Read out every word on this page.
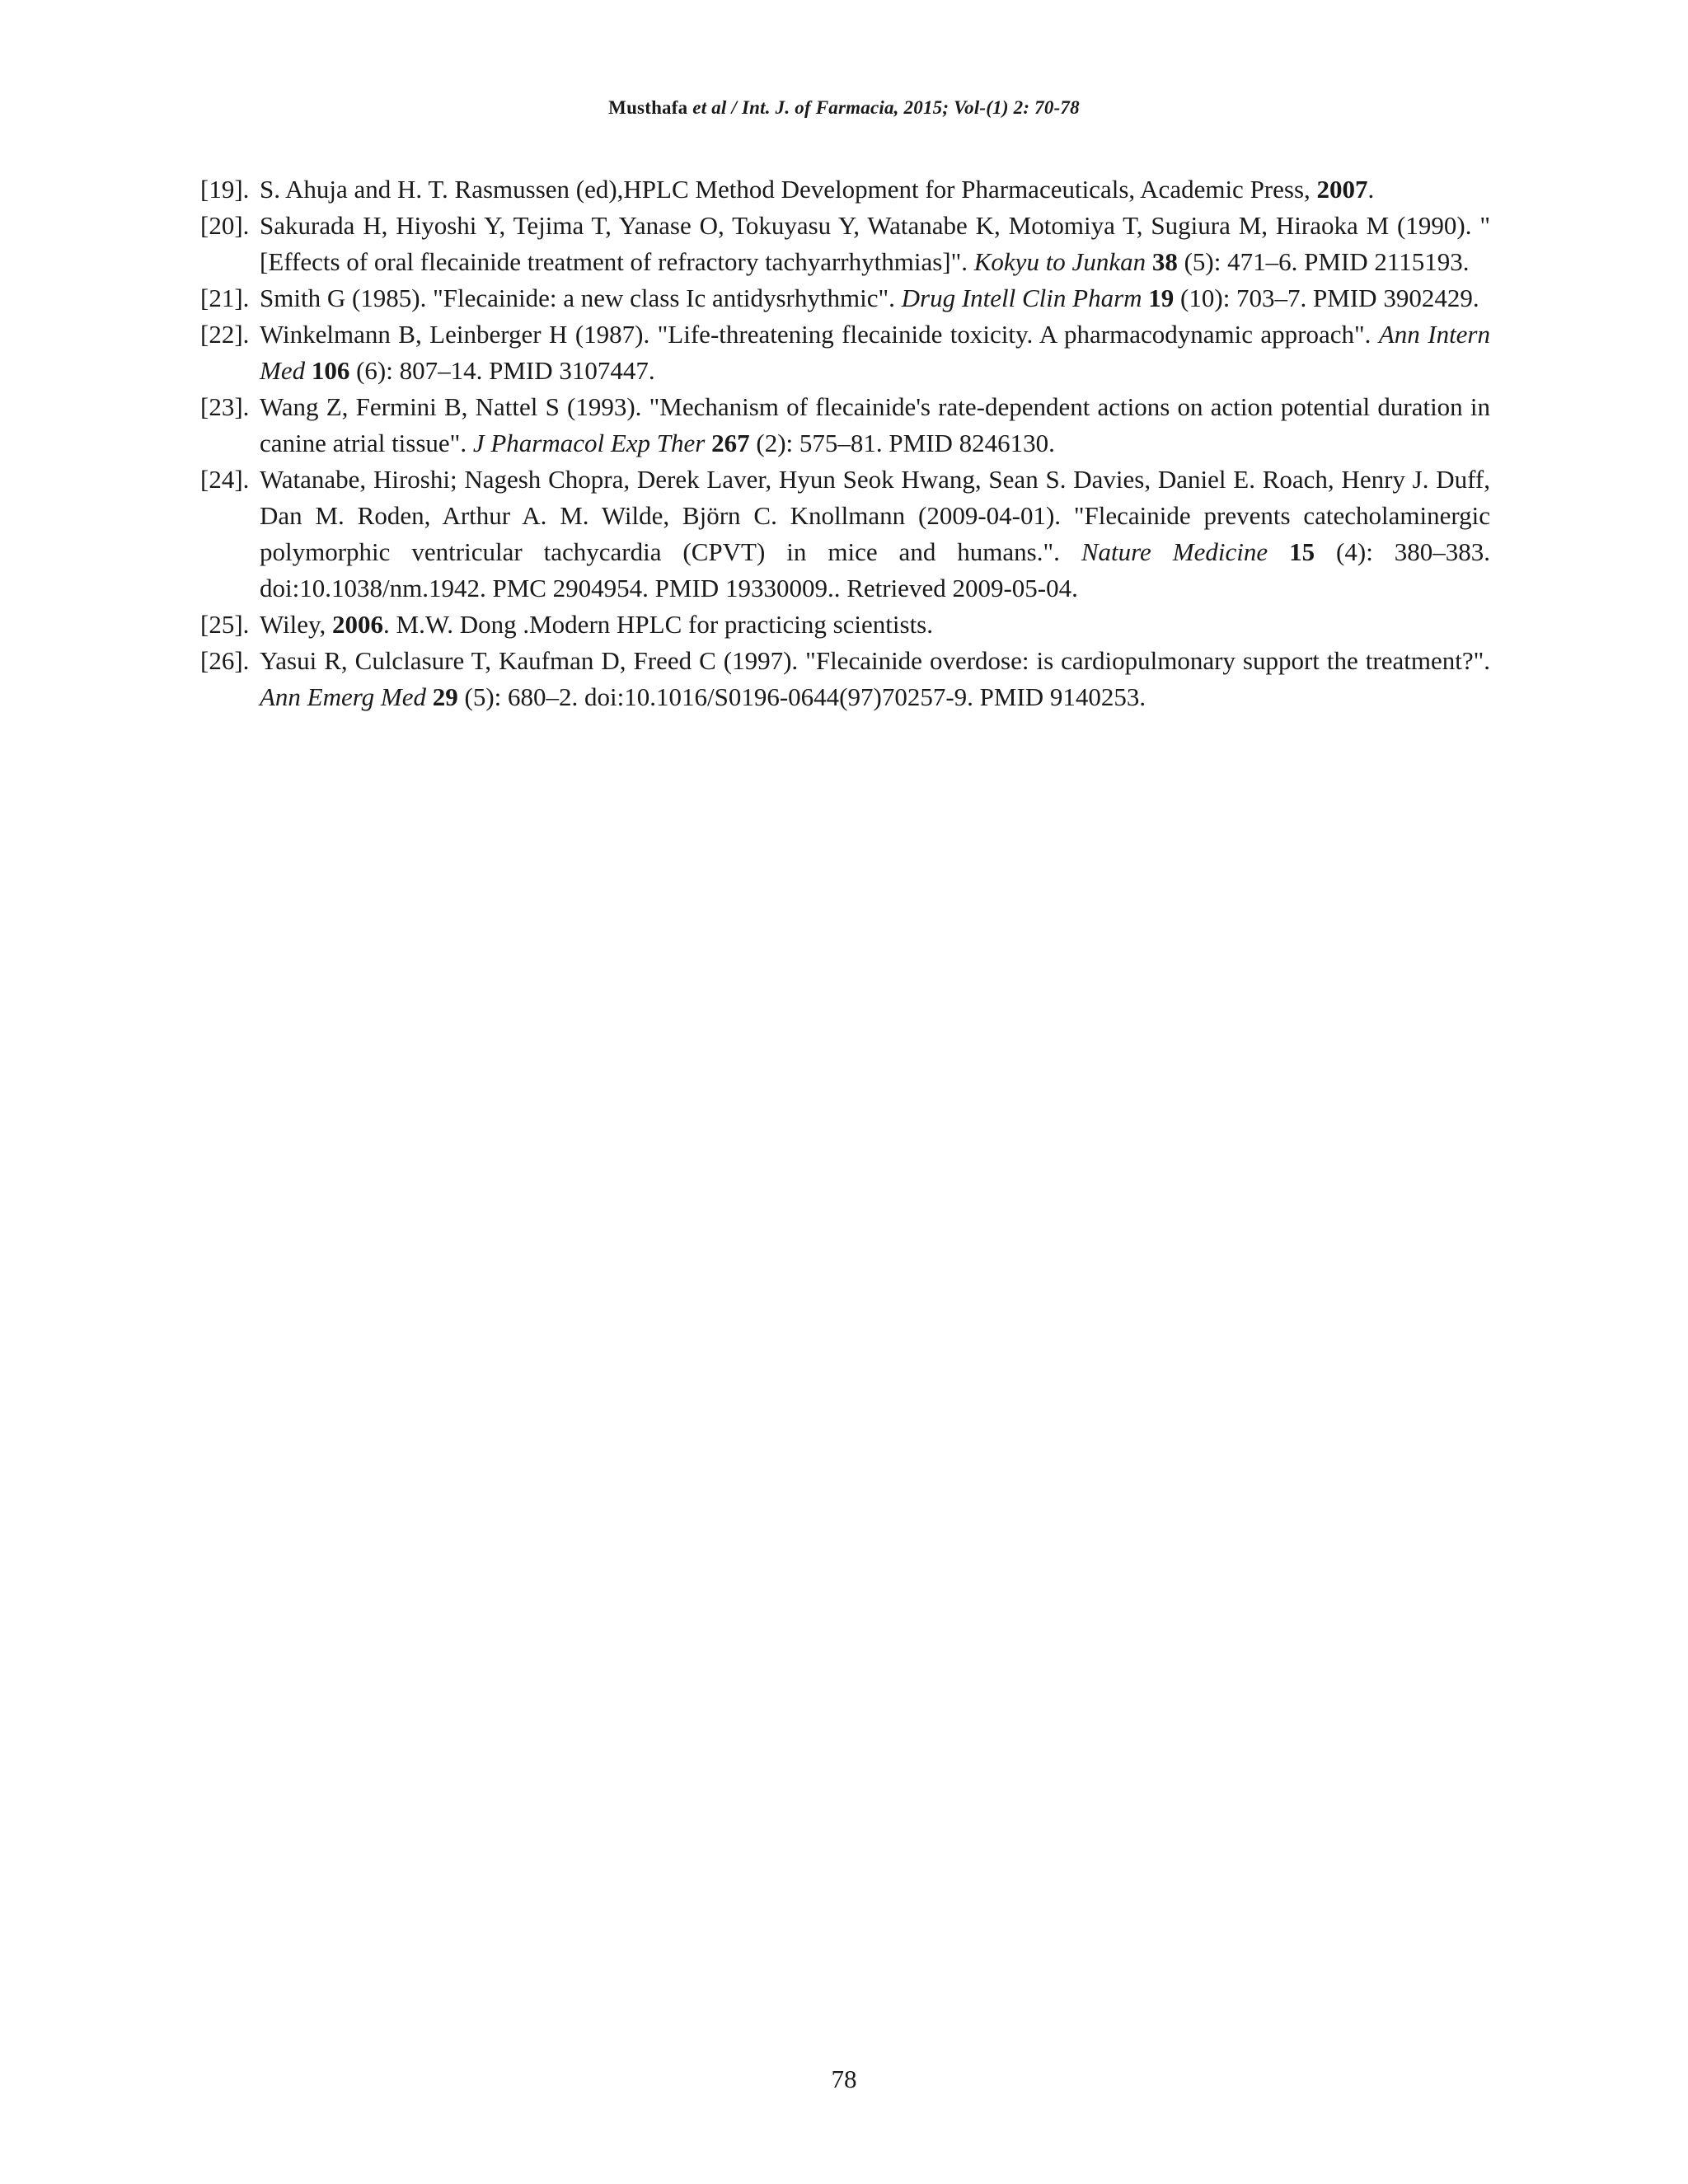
Musthafa et al / Int. J. of Farmacia, 2015; Vol-(1) 2: 70-78
[19]. S. Ahuja and H. T. Rasmussen (ed),HPLC Method Development for Pharmaceuticals, Academic Press, 2007.
[20]. Sakurada H, Hiyoshi Y, Tejima T, Yanase O, Tokuyasu Y, Watanabe K, Motomiya T, Sugiura M, Hiraoka M (1990). "[Effects of oral flecainide treatment of refractory tachyarrhythmias]". Kokyu to Junkan 38 (5): 471–6. PMID 2115193.
[21]. Smith G (1985). "Flecainide: a new class Ic antidysrhythmic". Drug Intell Clin Pharm 19 (10): 703–7. PMID 3902429.
[22]. Winkelmann B, Leinberger H (1987). "Life-threatening flecainide toxicity. A pharmacodynamic approach". Ann Intern Med 106 (6): 807–14. PMID 3107447.
[23]. Wang Z, Fermini B, Nattel S (1993). "Mechanism of flecainide's rate-dependent actions on action potential duration in canine atrial tissue". J Pharmacol Exp Ther 267 (2): 575–81. PMID 8246130.
[24]. Watanabe, Hiroshi; Nagesh Chopra, Derek Laver, Hyun Seok Hwang, Sean S. Davies, Daniel E. Roach, Henry J. Duff, Dan M. Roden, Arthur A. M. Wilde, Björn C. Knollmann (2009-04-01). "Flecainide prevents catecholaminergic polymorphic ventricular tachycardia (CPVT) in mice and humans.". Nature Medicine 15 (4): 380–383. doi:10.1038/nm.1942. PMC 2904954. PMID 19330009.. Retrieved 2009-05-04.
[25]. Wiley, 2006. M.W. Dong .Modern HPLC for practicing scientists.
[26]. Yasui R, Culclasure T, Kaufman D, Freed C (1997). "Flecainide overdose: is cardiopulmonary support the treatment?". Ann Emerg Med 29 (5): 680–2. doi:10.1016/S0196-0644(97)70257-9. PMID 9140253.
78
